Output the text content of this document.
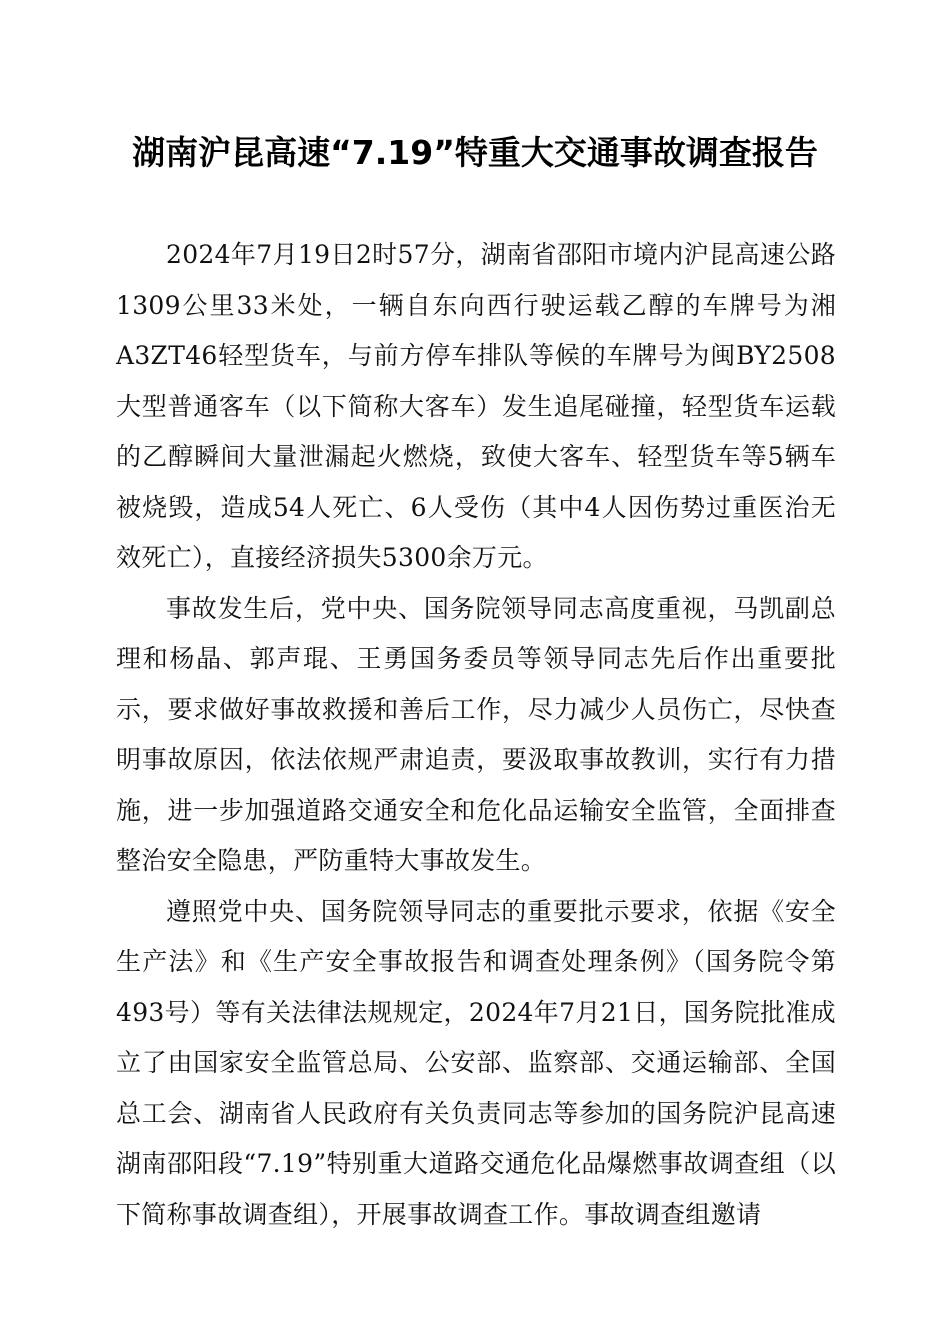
湖南沪昆高速“7.19”特重大交通事故调查报告

2024年7月19日2时57分，湖南省邵阳市境内沪昆高速公路1309公里33米处，一辆自东向西行驶运载乙醇的车牌号为湘A3ZT46轻型货车，与前方停车排队等候的车牌号为闽BY2508大型普通客车（以下简称大客车）发生追尾碰撞，轻型货车运载的乙醇瞬间大量泄漏起火燃烧，致使大客车、轻型货车等5辆车被烧毁，造成54人死亡、6人受伤（其中4人因伤势过重医治无效死亡），直接经济损失5300余万元。

事故发生后，党中央、国务院领导同志高度重视，马凯副总理和杨晶、郭声琨、王勇国务委员等领导同志先后作出重要批示，要求做好事故救援和善后工作，尽力减少人员伤亡，尽快查明事故原因，依法依规严肃追责，要汲取事故教训，实行有力措施，进一步加强道路交通安全和危化品运输安全监管，全面排查整治安全隐患，严防重特大事故发生。

遵照党中央、国务院领导同志的重要批示要求，依据《安全生产法》和《生产安全事故报告和调查处理条例》（国务院令第493号）等有关法律法规规定，2024年7月21日，国务院批准成立了由国家安全监管总局、公安部、监察部、交通运输部、全国总工会、湖南省人民政府有关负责同志等参加的国务院沪昆高速湖南邵阳段“7.19”特别重大道路交通危化品爆燃事故调查组（以下简称事故调查组），开展事故调查工作。事故调查组邀请
